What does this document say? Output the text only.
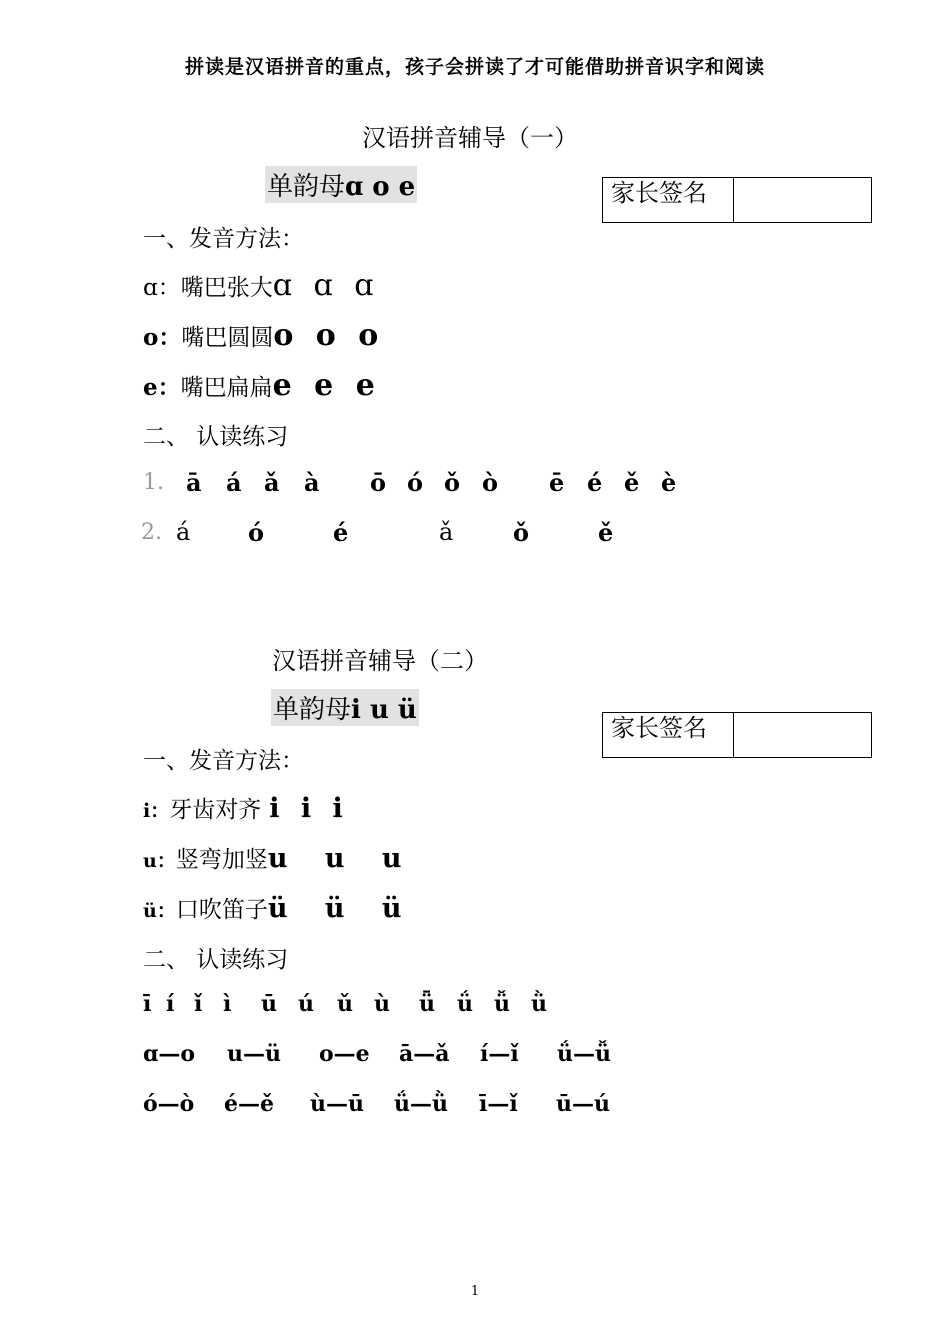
拼读是汉语拼音的重点，孩子会拼读了才可能借助拼音识字和阅读
汉语拼音辅导（一）
单韵母ɑ o e	家长签名
一、发音方法：
ɑ：嘴巴张大ɑ ɑ ɑ
o：嘴巴圆圆o o o
e：嘴巴扁扁e e e
二、 认读练习
1. ā á ǎ à ō ó ǒ ò ē é ě è
2. á ó	é	ǎ ǒ	ě
汉语拼音辅导（二）
单韵母i u ü
家长签名
一、发音方法：
i：牙齿对齐 i i i
u：竖弯加竖u u u
ü：口吹笛子ü ü ü
二、 认读练习
ī í ǐ ì ū ú ǔ ù ǖ ǘ ǚ ǜ
ɑ—o u—ü o—e ā—ǎ í—ǐ ǘ—ǚ
ó—ò é—ě ù—ū ǘ—ǜ ī—ǐ ū—ú
1
